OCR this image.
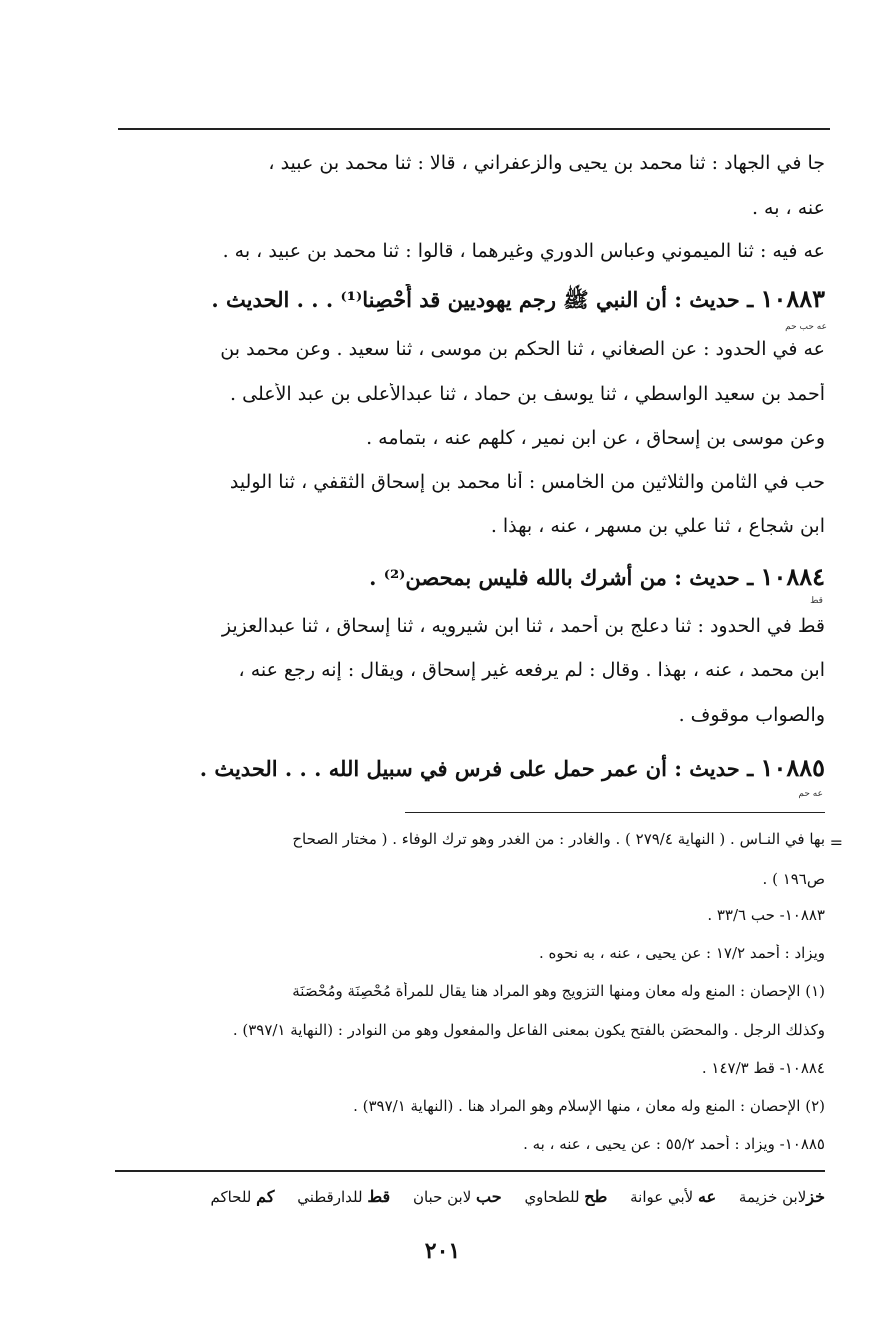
جا في الجهاد : ثنا محمد بن يحيى والزعفراني ، قالا : ثنا محمد بن عبيد ،
عنه ، به .
عه فيه : ثنا الميموني وعباس الدوري وغيرهما ، قالوا : ثنا محمد بن عبيد ، به .
١٠٨٨٣ ـ حديث : أن النبي ﷺ رجم يهوديين قد أُحْصِنا⁽¹⁾ . . . الحديث .
عه حب حم
عه في الحدود : عن الصغاني ، ثنا الحكم بن موسى ، ثنا سعيد . وعن محمد بن
أحمد بن سعيد الواسطي ، ثنا يوسف بن حماد ، ثنا عبدالأعلى بن عبد الأعلى .
وعن موسى بن إسحاق ، عن ابن نمير ، كلهم عنه ، بتمامه .
حب في الثامن والثلاثين من الخامس : أنا محمد بن إسحاق الثقفي ، ثنا الوليد
ابن شجاع ، ثنا علي بن مسهر ، عنه ، بهذا .
١٠٨٨٤ ـ حديث : من أشرك بالله فليس بمحصن⁽²⁾ .
قط
قط في الحدود : ثنا دعلج بن أحمد ، ثنا ابن شيرويه ، ثنا إسحاق ، ثنا عبدالعزيز
ابن محمد ، عنه ، بهذا . وقال : لم يرفعه غير إسحاق ، ويقال : إنه رجع عنه ،
والصواب موقوف .
١٠٨٨٥ ـ حديث : أن عمر حمل على فرس في سبيل الله . . . الحديث .
عه حم
=
بها في النـاس . ( النهاية ٢٧٩/٤ ) . والغادر : من الغدر وهو ترك الوفاء . ( مختار الصحاح
ص١٩٦ ) .
١٠٨٨٣- حب ٣٣/٦ .
ويزاد : أحمد ١٧/٢ : عن يحيى ، عنه ، به نحوه .
(١) الإحصان : المنع وله معان ومنها التزويج وهو المراد هنا يقال للمرأة مُحْصِنَة ومُحْصَنَة
وكذلك الرجل . والمحصَن بالفتح يكون بمعنى الفاعل والمفعول وهو من النوادر : (النهاية ٣٩٧/١) .
١٠٨٨٤- قط ١٤٧/٣ .
(٢) الإحصان : المنع وله معان ، منها الإسلام وهو المراد هنا . (النهاية ٣٩٧/١) .
١٠٨٨٥- ويزاد : أحمد ٥٥/٢ : عن يحيى ، عنه ، به .
خزلابن خزيمة عه لأبي عوانة طح للطحاوي حب لابن حبان قط للدارقطني كم للحاكم
٢٠١
